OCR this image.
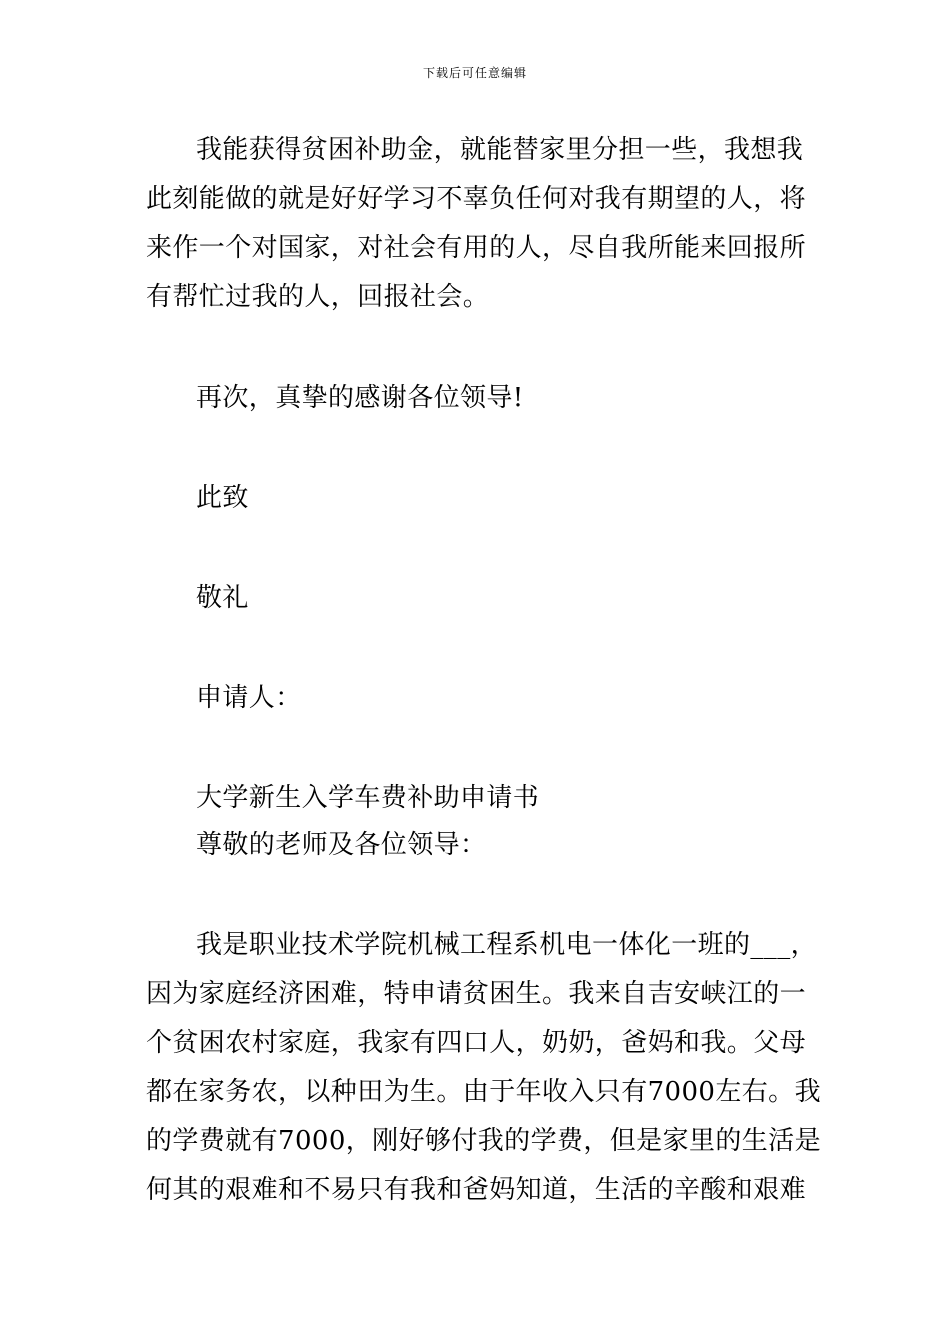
下载后可任意编辑
我能获得贫困补助金，就能替家里分担一些，我想我
此刻能做的就是好好学习不辜负任何对我有期望的人，将
来作一个对国家，对社会有用的人，尽自我所能来回报所
有帮忙过我的人，回报社会。
再次，真挚的感谢各位领导!
此致
敬礼
申请人：
大学新生入学车费补助申请书
尊敬的老师及各位领导：
我是职业技术学院机械工程系机电一体化一班的___，
因为家庭经济困难，特申请贫困生。我来自吉安峡江的一
个贫困农村家庭，我家有四口人，奶奶，爸妈和我。父母
都在家务农，以种田为生。由于年收入只有7000左右。我
的学费就有7000，刚好够付我的学费，但是家里的生活是
何其的艰难和不易只有我和爸妈知道，生活的辛酸和艰难
